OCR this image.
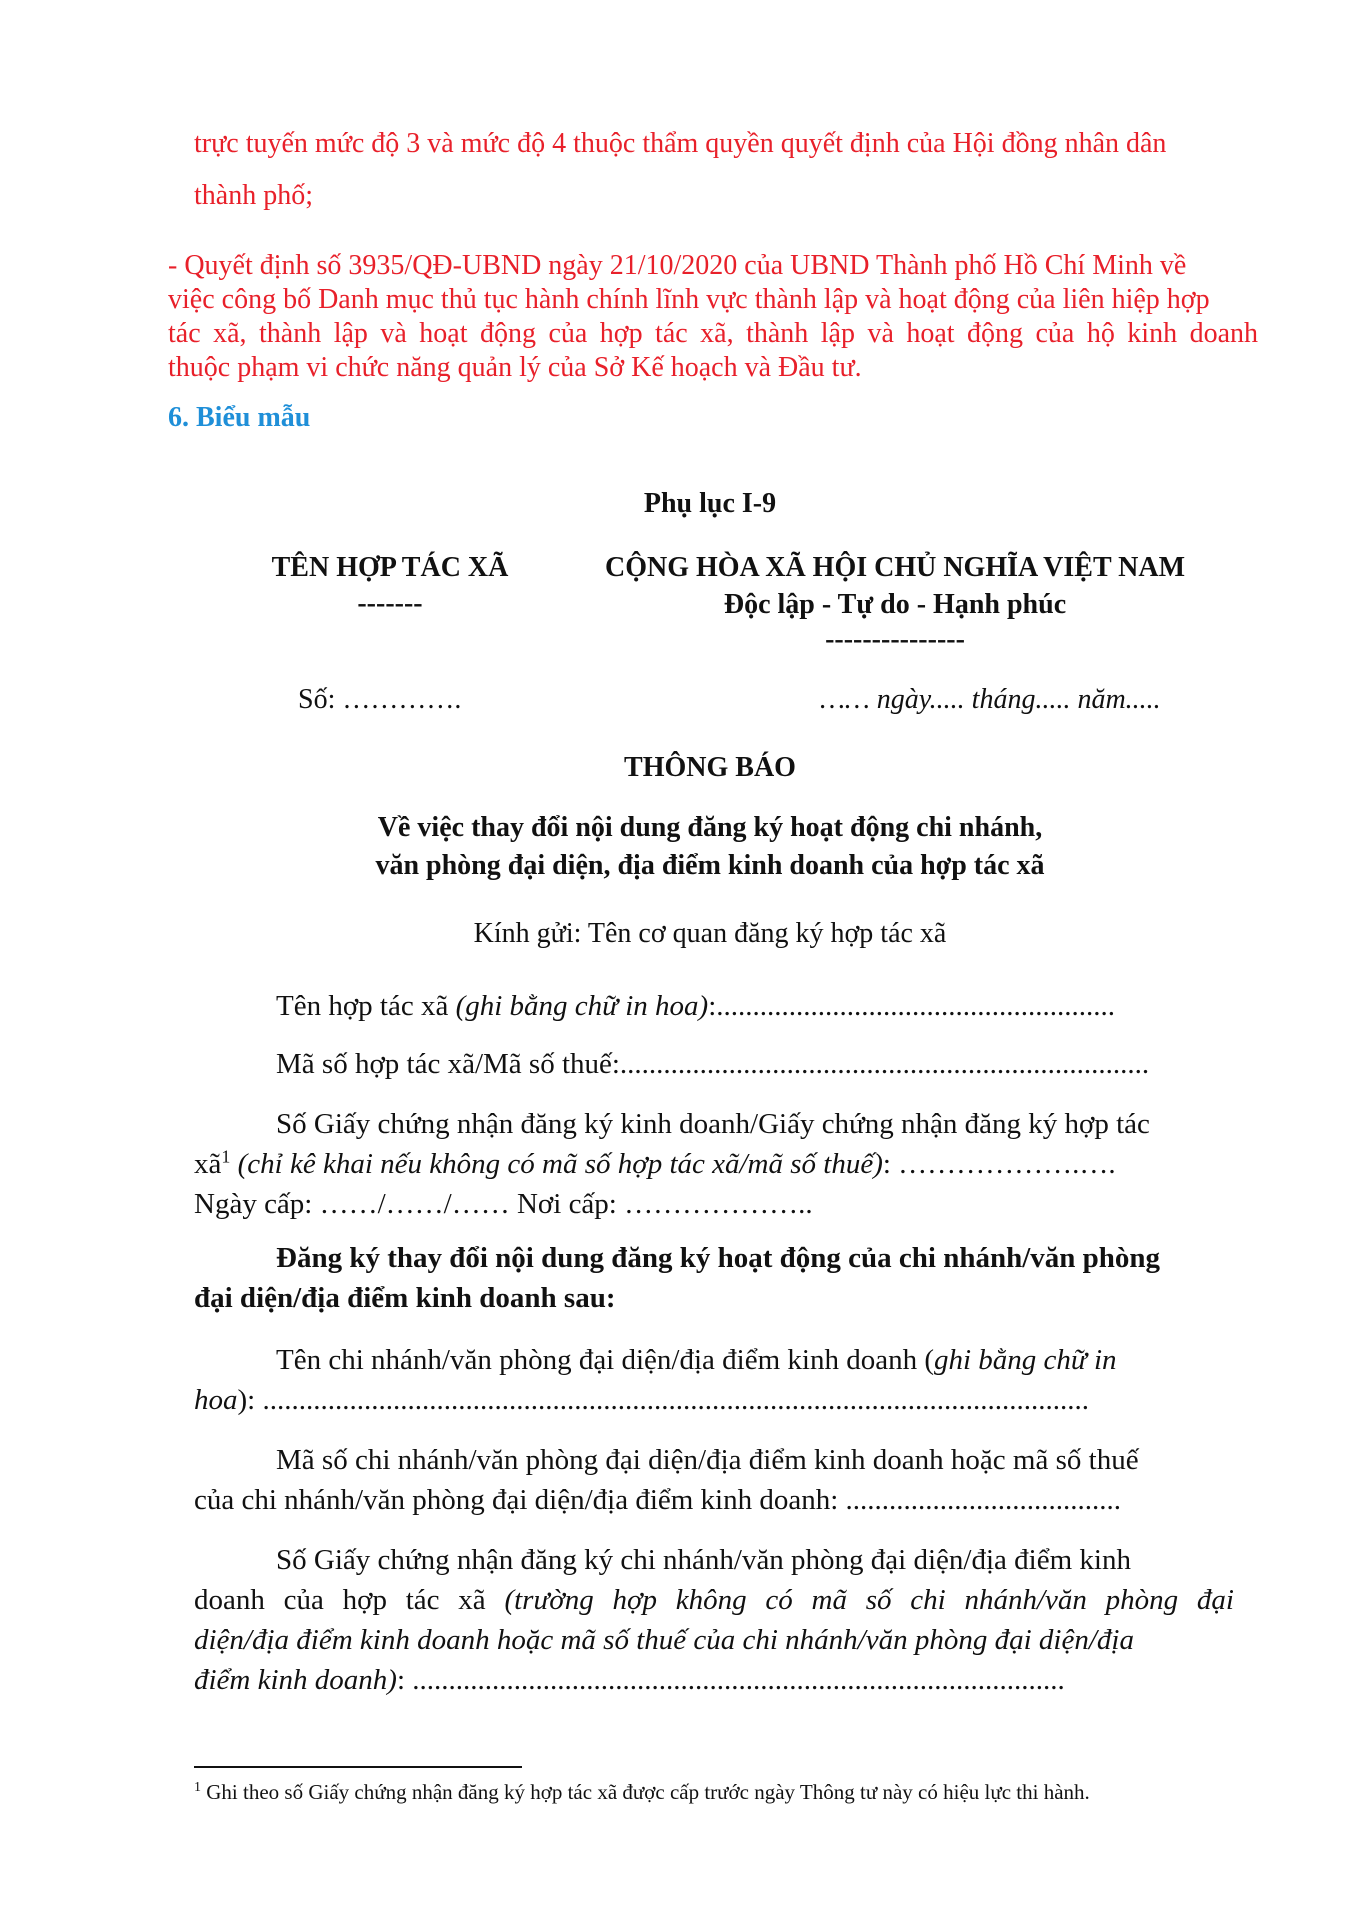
trực tuyến mức độ 3 và mức độ 4 thuộc thẩm quyền quyết định của Hội đồng nhân dân

thành phố;

- Quyết định số 3935/QĐ-UBND ngày 21/10/2020 của UBND Thành phố Hồ Chí Minh về

việc công bố Danh mục thủ tục hành chính lĩnh vực thành lập và hoạt động của liên hiệp hợp

tác xã, thành lập và hoạt động của hợp tác xã, thành lập và hoạt động của hộ kinh doanh

thuộc phạm vi chức năng quản lý của Sở Kế hoạch và Đầu tư.

6. Biểu mẫu

Phụ lục I-9

TÊN HỢP TÁC XÃ

-------

CỘNG HÒA XÃ HỘI CHỦ NGHĨA VIỆT NAM

Độc lập - Tự do - Hạnh phúc

---------------

Số: ………….	…… ngày..... tháng..... năm.....

THÔNG BÁO

Về việc thay đổi nội dung đăng ký hoạt động chi nhánh,

văn phòng đại diện, địa điểm kinh doanh của hợp tác xã

Kính gửi: Tên cơ quan đăng ký hợp tác xã

Tên hợp tác xã (ghi bằng chữ in hoa):.......................................................

Mã số hợp tác xã/Mã số thuế:.........................................................................

Số Giấy chứng nhận đăng ký kinh doanh/Giấy chứng nhận đăng ký hợp tác

$xã^1$ (chỉ kê khai nếu không có mã số hợp tác xã/mã số thuế): ……………….….

Ngày cấp: ……/……/…… Nơi cấp: ………………..

Đăng ký thay đổi nội dung đăng ký hoạt động của chi nhánh/văn phòng

đại diện/địa điểm kinh doanh sau:

Tên chi nhánh/văn phòng đại diện/địa điểm kinh doanh (ghi bằng chữ in

hoa): ..................................................................................................................

Mã số chi nhánh/văn phòng đại diện/địa điểm kinh doanh hoặc mã số thuế

của chi nhánh/văn phòng đại diện/địa điểm kinh doanh: ......................................

Số Giấy chứng nhận đăng ký chi nhánh/văn phòng đại diện/địa điểm kinh

doanh của hợp tác xã (trường hợp không có mã số chi nhánh/văn phòng đại

diện/địa điểm kinh doanh hoặc mã số thuế của chi nhánh/văn phòng đại diện/địa

điểm kinh doanh): ..........................................................................................

$^1$ Ghi theo số Giấy chứng nhận đăng ký hợp tác xã được cấp trước ngày Thông tư này có hiệu lực thi hành.
